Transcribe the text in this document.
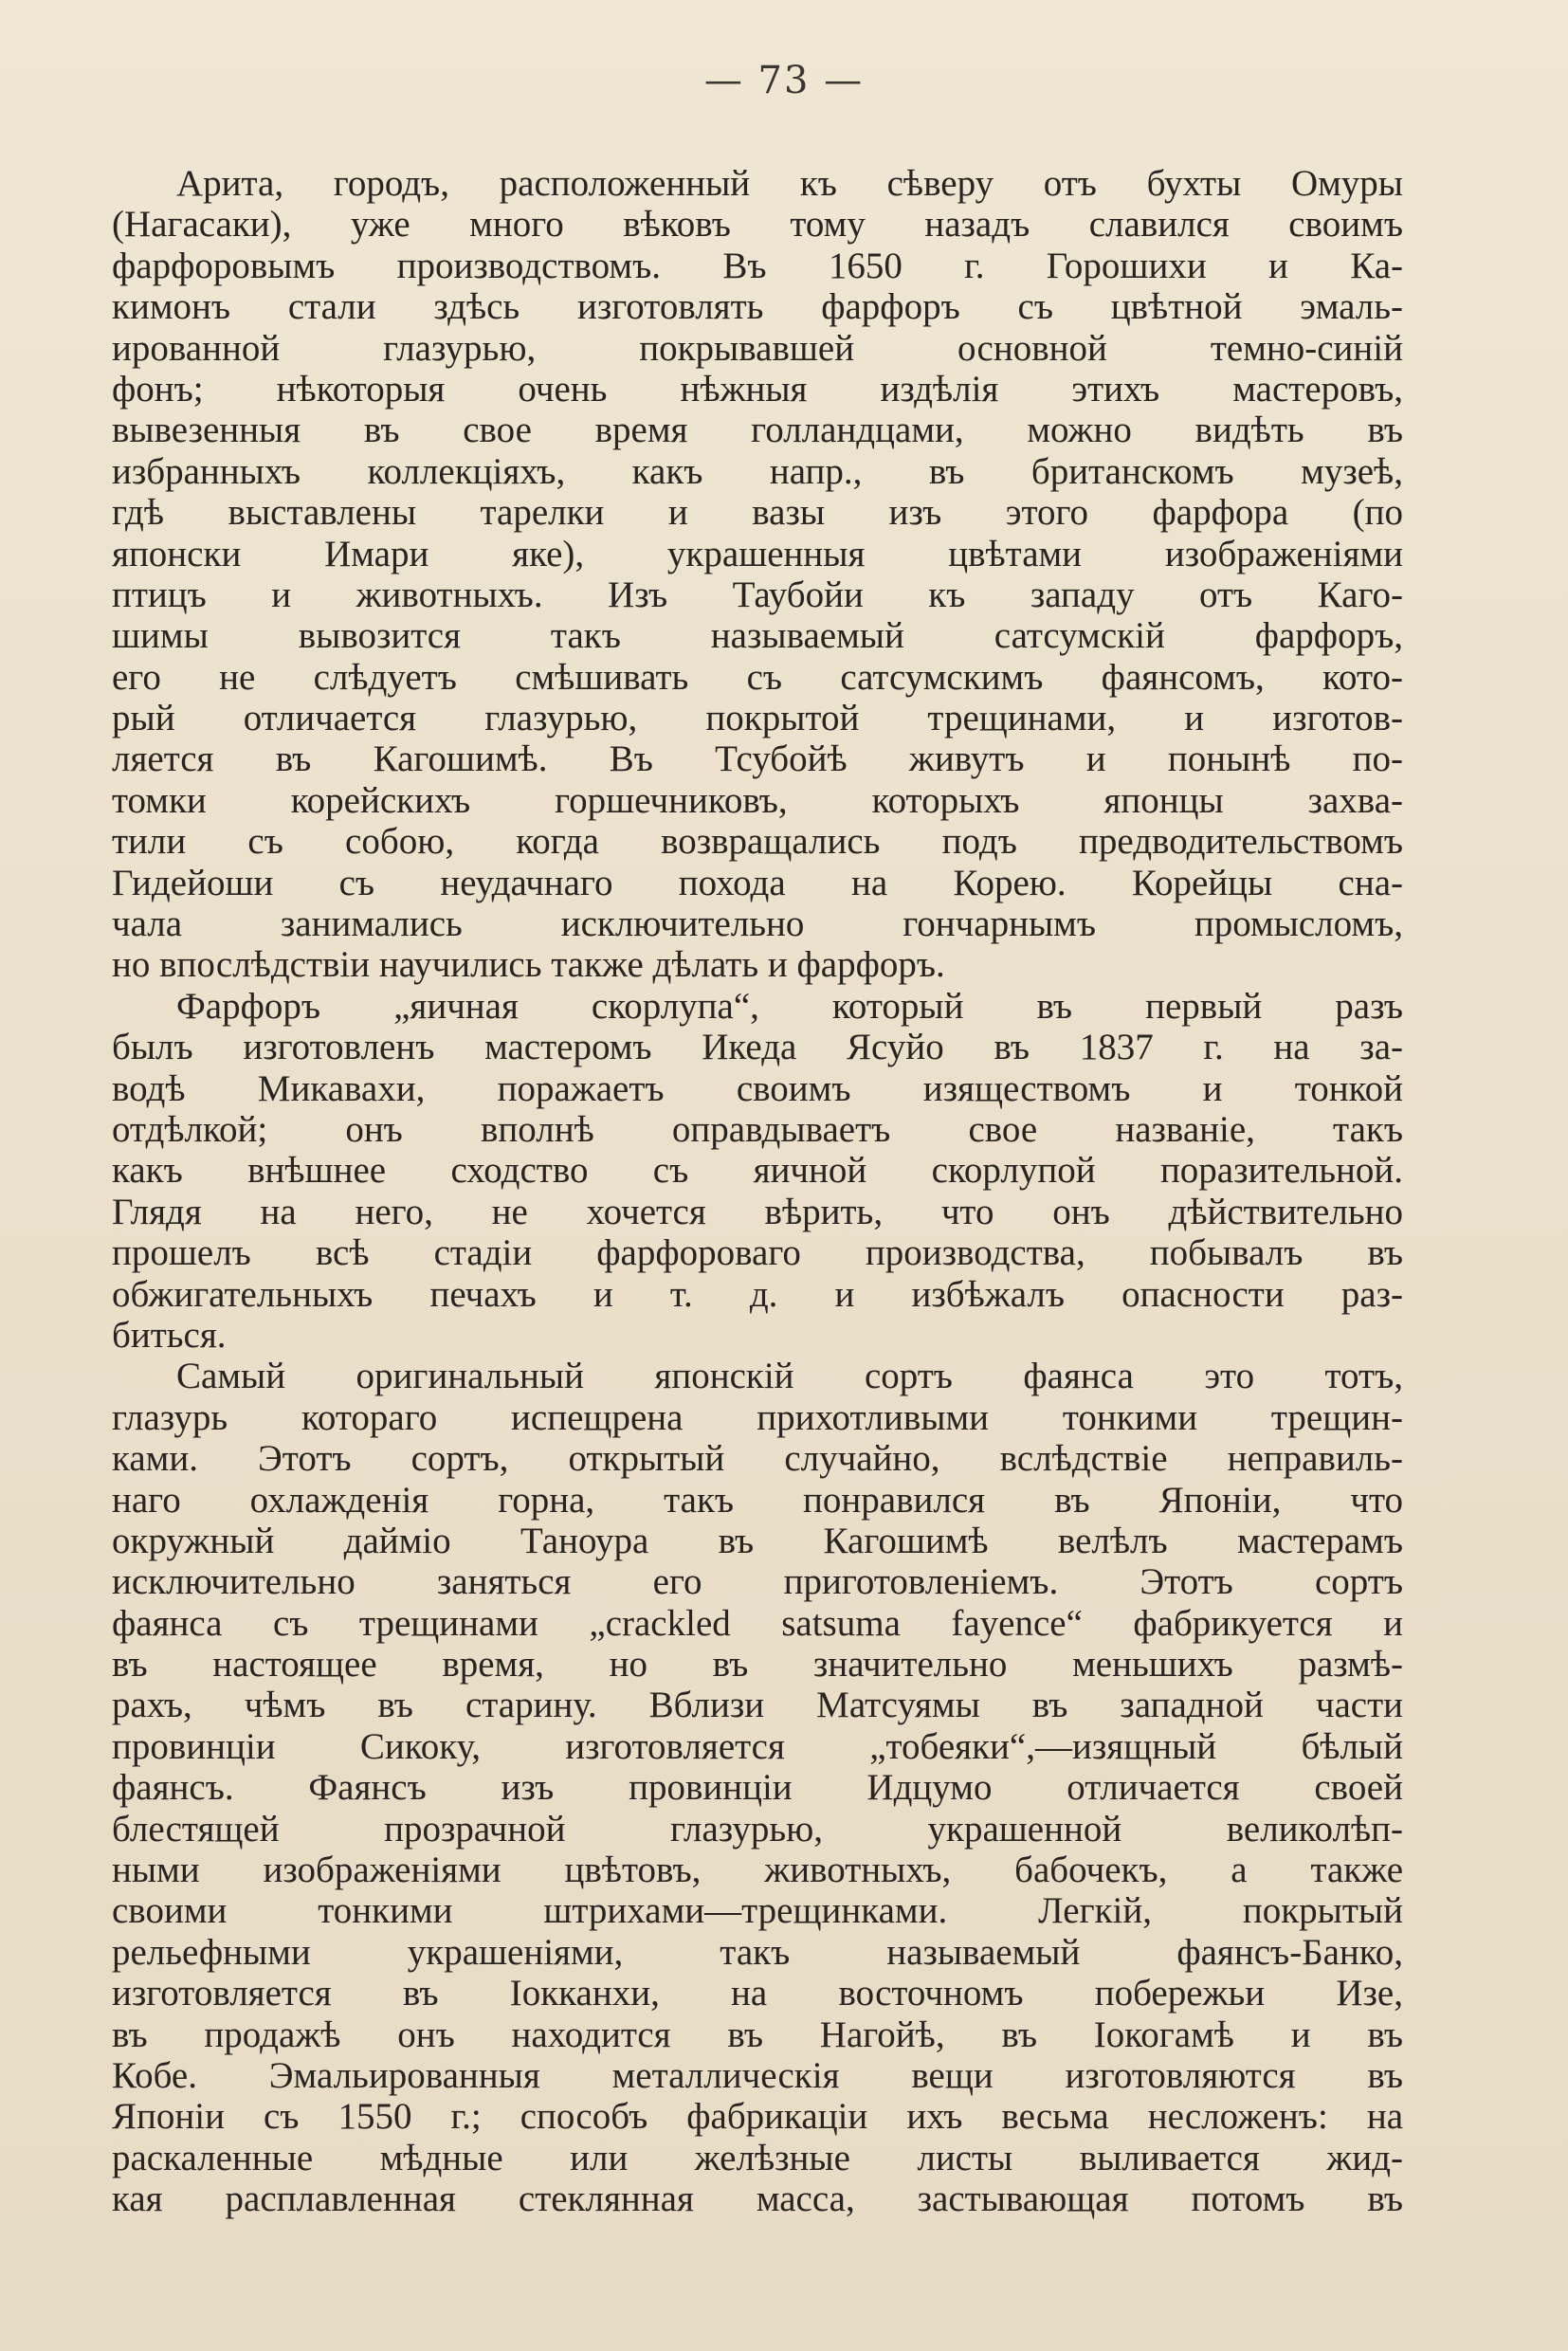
— 73 —
Арита, городъ, расположенный къ сѣверу отъ бухты Омуры
(Нагасаки), уже много вѣковъ тому назадъ славился своимъ
фарфоровымъ производствомъ. Въ 1650 г. Горошихи и Ка-
кимонъ стали здѣсь изготовлять фарфоръ съ цвѣтной эмаль-
ированной глазурью, покрывавшей основной темно-синій
фонъ; нѣкоторыя очень нѣжныя издѣлія этихъ мастеровъ,
вывезенныя въ свое время голландцами, можно видѣть въ
избранныхъ коллекціяхъ, какъ напр., въ британскомъ музеѣ,
гдѣ выставлены тарелки и вазы изъ этого фарфора (по
японски Имари яке), украшенныя цвѣтами изображеніями
птицъ и животныхъ. Изъ Таубойи къ западу отъ Каго-
шимы вывозится такъ называемый сатсумскій фарфоръ,
его не слѣдуетъ смѣшивать съ сатсумскимъ фаянсомъ, кото-
рый отличается глазурью, покрытой трещинами, и изготов-
ляется въ Кагошимѣ. Въ Тсубойѣ живутъ и понынѣ по-
томки корейскихъ горшечниковъ, которыхъ японцы захва-
тили съ собою, когда возвращались подъ предводительствомъ
Гидейоши съ неудачнаго похода на Корею. Корейцы сна-
чала занимались исключительно гончарнымъ промысломъ,
но впослѣдствіи научились также дѣлать и фарфоръ.
Фарфоръ „яичная скорлупа“, который въ первый разъ
былъ изготовленъ мастеромъ Икеда Ясуйо въ 1837 г. на за-
водѣ Микавахи, поражаетъ своимъ изяществомъ и тонкой
отдѣлкой; онъ вполнѣ оправдываетъ свое названіе, такъ
какъ внѣшнее сходство съ яичной скорлупой поразительной.
Глядя на него, не хочется вѣрить, что онъ дѣйствительно
прошелъ всѣ стадіи фарфороваго производства, побывалъ въ
обжигательныхъ печахъ и т. д. и избѣжалъ опасности раз-
биться.
Самый оригинальный японскій сортъ фаянса это тотъ,
глазурь котораго испещрена прихотливыми тонкими трещин-
ками. Этотъ сортъ, открытый случайно, вслѣдствіе неправиль-
наго охлажденія горна, такъ понравился въ Японіи, что
окружный дайміо Таноура въ Кагошимѣ велѣлъ мастерамъ
исключительно заняться его приготовленіемъ. Этотъ сортъ
фаянса съ трещинами „crackled satsuma fayence“ фабрикуется и
въ настоящее время, но въ значительно меньшихъ размѣ-
рахъ, чѣмъ въ старину. Вблизи Матсуямы въ западной части
провинціи Сикоку, изготовляется „тобеяки“,—изящный бѣлый
фаянсъ. Фаянсъ изъ провинціи Идцумо отличается своей
блестящей прозрачной глазурью, украшенной великолѣп-
ными изображеніями цвѣтовъ, животныхъ, бабочекъ, а также
своими тонкими штрихами—трещинками. Легкій, покрытый
рельефными украшеніями, такъ называемый фаянсъ-Банко,
изготовляется въ Іокканхи, на восточномъ побережьи Изе,
въ продажѣ онъ находится въ Нагойѣ, въ Іокогамѣ и въ
Кобе. Эмальированныя металлическія вещи изготовляются въ
Японіи съ 1550 г.; способъ фабрикаціи ихъ весьма несложенъ: на
раскаленные мѣдные или желѣзные листы выливается жид-
кая расплавленная стеклянная масса, застывающая потомъ въ
